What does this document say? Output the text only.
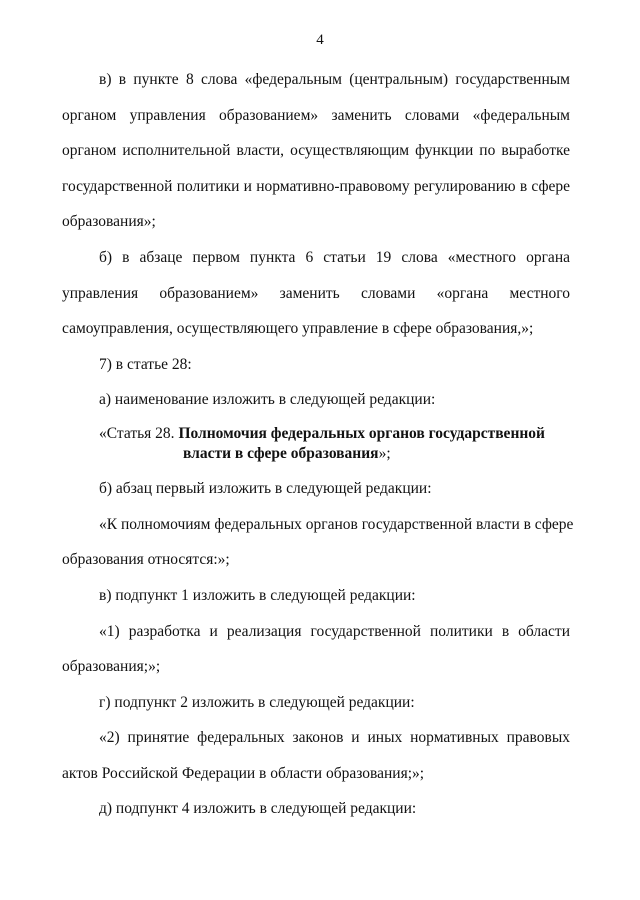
4
в) в пункте 8 слова «федеральным (центральным) государственным
органом управления образованием» заменить словами «федеральным
органом исполнительной власти, осуществляющим функции по выработке
государственной политики и нормативно-правовому регулированию в сфере
образования»;
б) в абзаце первом пункта 6 статьи 19 слова «местного органа
управления образованием» заменить словами «органа местного
самоуправления, осуществляющего управление в сфере образования,»;
7) в статье 28:
а) наименование изложить в следующей редакции:
«Статья 28. Полномочия федеральных органов государственной
власти в сфере образования»;
б) абзац первый изложить в следующей редакции:
«К полномочиям федеральных органов государственной власти в сфере
образования относятся:»;
в) подпункт 1 изложить в следующей редакции:
«1) разработка и реализация государственной политики в области
образования;»;
г) подпункт 2 изложить в следующей редакции:
«2) принятие федеральных законов и иных нормативных правовых
актов Российской Федерации в области образования;»;
д) подпункт 4 изложить в следующей редакции:
